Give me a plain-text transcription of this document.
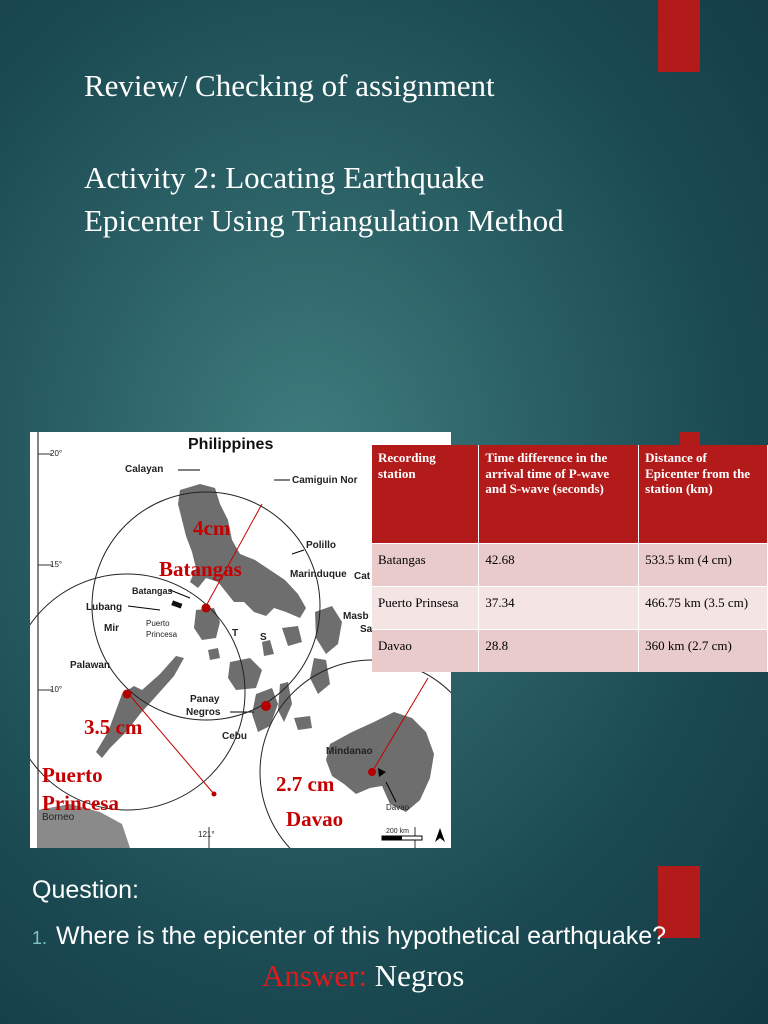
Review/ Checking of assignment
Activity 2: Locating Earthquake
Epicenter Using Triangulation Method
Philippines
20°
15°
10°
121°
Calayan
Camiguin Nor
Polillo
Marinduque Cat
Batangas
Lubang
Mir	Puerto
Princesa	T S
Masb
Sa
Palawan
Panay
Negros
Cebu
Mindanao
Davao
Borneo
200 km
4cm
Batangas
3.5 cm
Puerto
Princesa
2.7 cm
Davao
Recording station	Time difference in the arrival time of P-wave and S-wave (seconds)	Distance of Epicenter from the station (km)
Batangas	42.68	533.5 km (4 cm)
Puerto Prinsesa	37.34	466.75 km (3.5 cm)
Davao	28.8	360 km (2.7 cm)
Question:
1. Where is the epicenter of this hypothetical earthquake?
Answer: Negros
